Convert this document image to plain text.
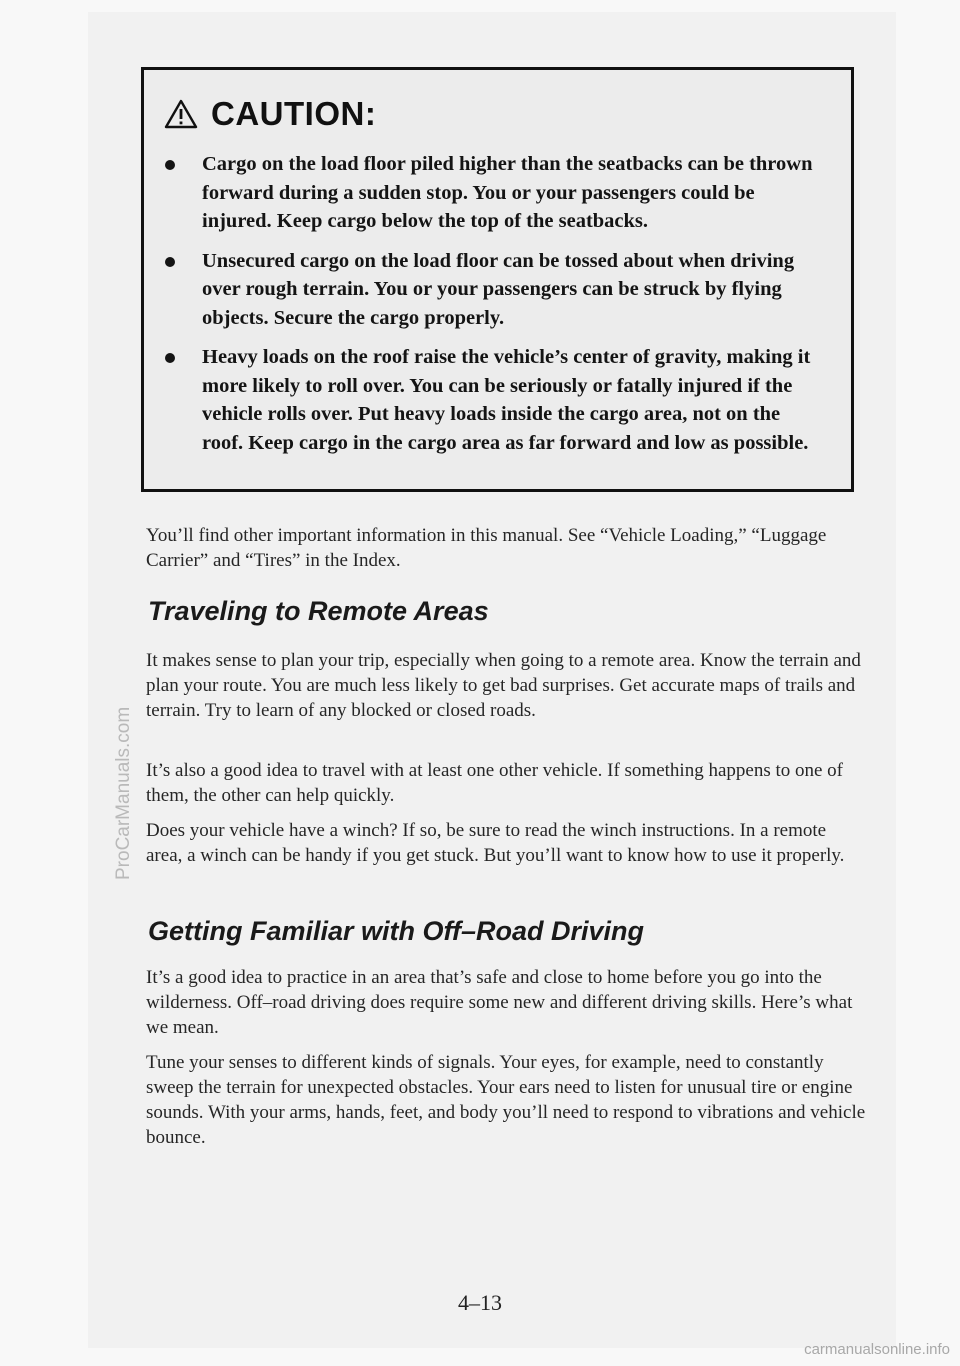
CAUTION:
Cargo on the load floor piled higher than the seatbacks can be thrown forward during a sudden stop. You or your passengers could be injured. Keep cargo below the top of the seatbacks.
Unsecured cargo on the load floor can be tossed about when driving over rough terrain. You or your passengers can be struck by flying objects. Secure the cargo properly.
Heavy loads on the roof raise the vehicle’s center of gravity, making it more likely to roll over. You can be seriously or fatally injured if the vehicle rolls over. Put heavy loads inside the cargo area, not on the roof. Keep cargo in the cargo area as far forward and low as possible.

You’ll find other important information in this manual. See “Vehicle Loading,” “Luggage Carrier” and “Tires” in the Index.

Traveling to Remote Areas

It makes sense to plan your trip, especially when going to a remote area. Know the terrain and plan your route. You are much less likely to get bad surprises. Get accurate maps of trails and terrain. Try to learn of any blocked or closed roads.

It’s also a good idea to travel with at least one other vehicle. If something happens to one of them, the other can help quickly.

Does your vehicle have a winch? If so, be sure to read the winch instructions. In a remote area, a winch can be handy if you get stuck. But you’ll want to know how to use it properly.

Getting Familiar with Off–Road Driving

It’s a good idea to practice in an area that’s safe and close to home before you go into the wilderness. Off–road driving does require some new and different driving skills. Here’s what we mean.

Tune your senses to different kinds of signals. Your eyes, for example, need to constantly sweep the terrain for unexpected obstacles. Your ears need to listen for unusual tire or engine sounds. With your arms, hands, feet, and body you’ll need to respond to vibrations and vehicle bounce.

4–13
ProCarManuals.com
carmanualsonline.info
